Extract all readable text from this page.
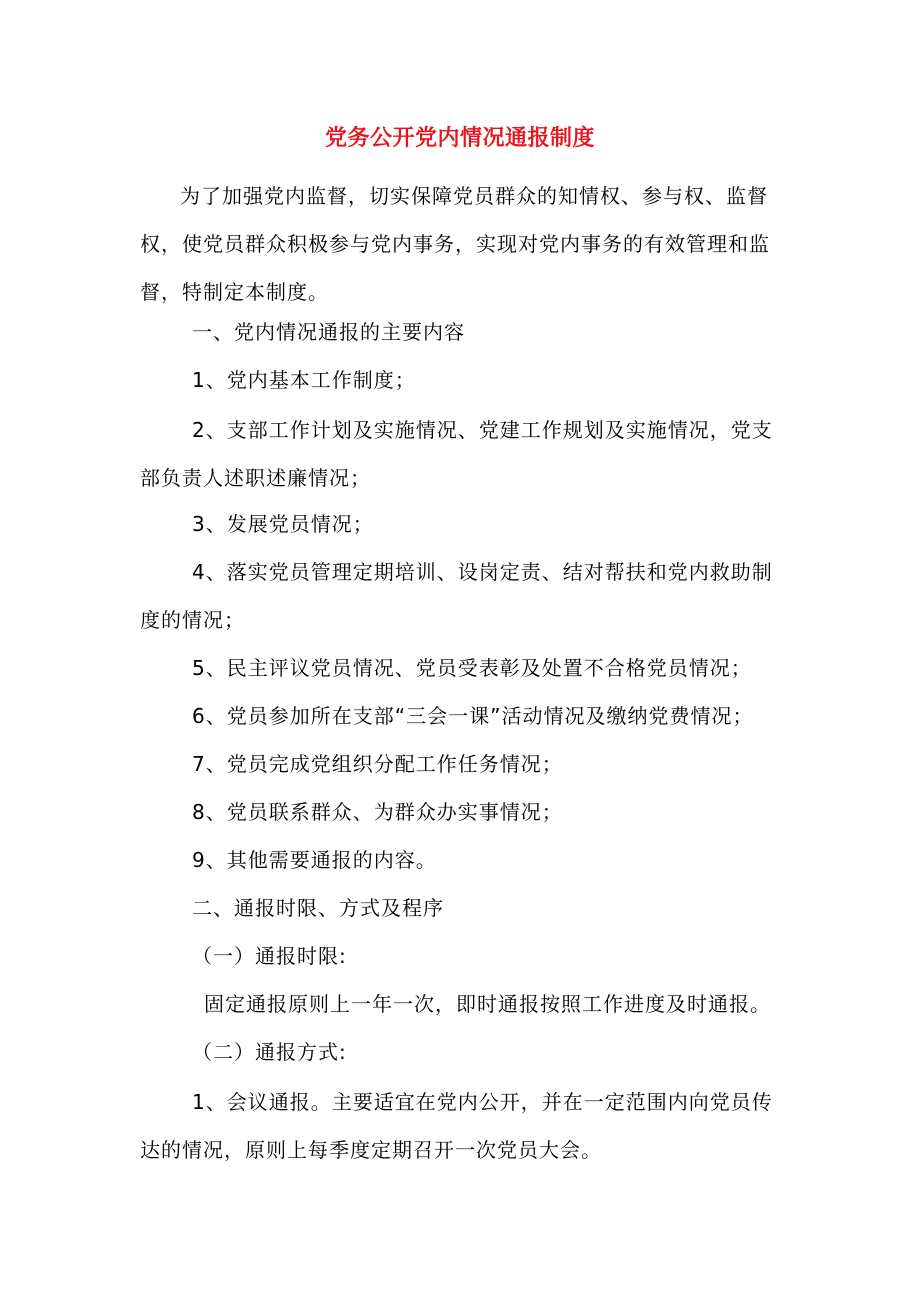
党务公开党内情况通报制度
为了加强党内监督，切实保障党员群众的知情权、参与权、监督
权，使党员群众积极参与党内事务，实现对党内事务的有效管理和监
督，特制定本制度。
一、党内情况通报的主要内容
1、党内基本工作制度；
2、支部工作计划及实施情况、党建工作规划及实施情况，党支
部负责人述职述廉情况；
3、发展党员情况；
4、落实党员管理定期培训、设岗定责、结对帮扶和党内救助制
度的情况；
5、民主评议党员情况、党员受表彰及处置不合格党员情况；
6、党员参加所在支部“三会一课”活动情况及缴纳党费情况；
7、党员完成党组织分配工作任务情况；
8、党员联系群众、为群众办实事情况；
9、其他需要通报的内容。
二、通报时限、方式及程序
（一）通报时限:
固定通报原则上一年一次，即时通报按照工作进度及时通报。
（二）通报方式:
1、会议通报。主要适宜在党内公开，并在一定范围内向党员传
达的情况，原则上每季度定期召开一次党员大会。
